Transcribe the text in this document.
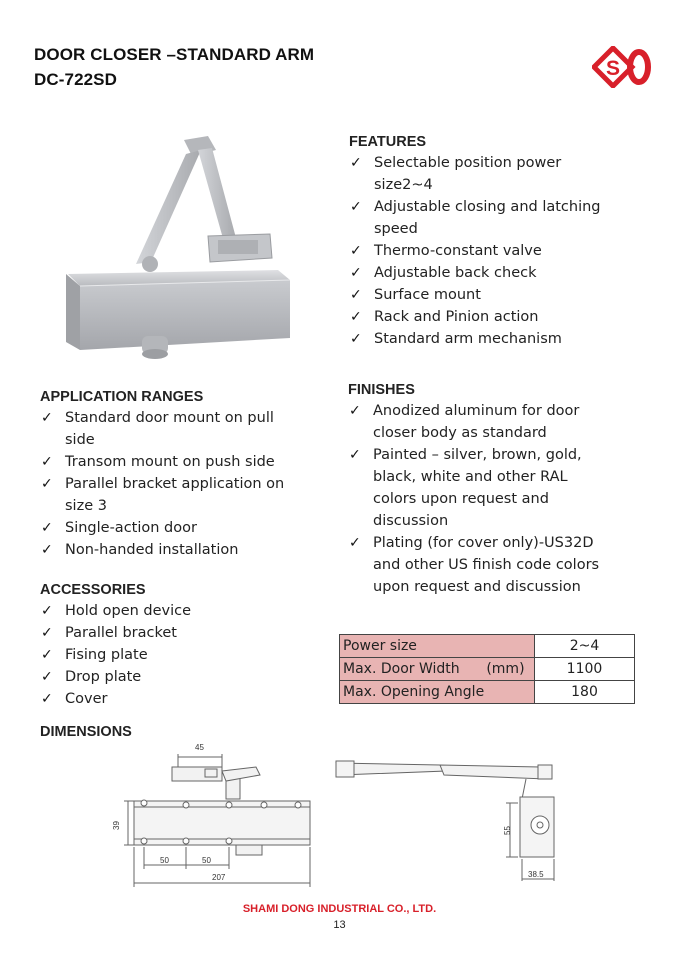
DOOR CLOSER –STANDARD ARM
DC-722SD	S
FEATURES
✓ Selectable position power
size2~4
✓ Adjustable closing and latching
speed
✓ Thermo-constant valve
✓ Adjustable back check
✓ Surface mount
✓ Rack and Pinion action
✓ Standard arm mechanism
APPLICATION RANGES
✓ Standard door mount on pull
side
✓ Transom mount on push side
✓ Parallel bracket application on
size 3
✓ Single-action door
✓ Non-handed installation
FINISHES
✓ Anodized aluminum for door
closer body as standard
✓ Painted – silver, brown, gold,
black, white and other RAL
colors upon request and
discussion
✓ Plating (for cover only)-US32D
and other US finish code colors
upon request and discussion
ACCESSORIES
✓ Hold open device
✓ Parallel bracket
✓ Fising plate
✓ Drop plate
✓ Cover
Power size	2~4
Max. Door Width      (mm)	1100
Max. Opening Angle	180
DIMENSIONS
45
39
50	50
207
55
38.5
SHAMI DONG INDUSTRIAL CO., LTD.
13
